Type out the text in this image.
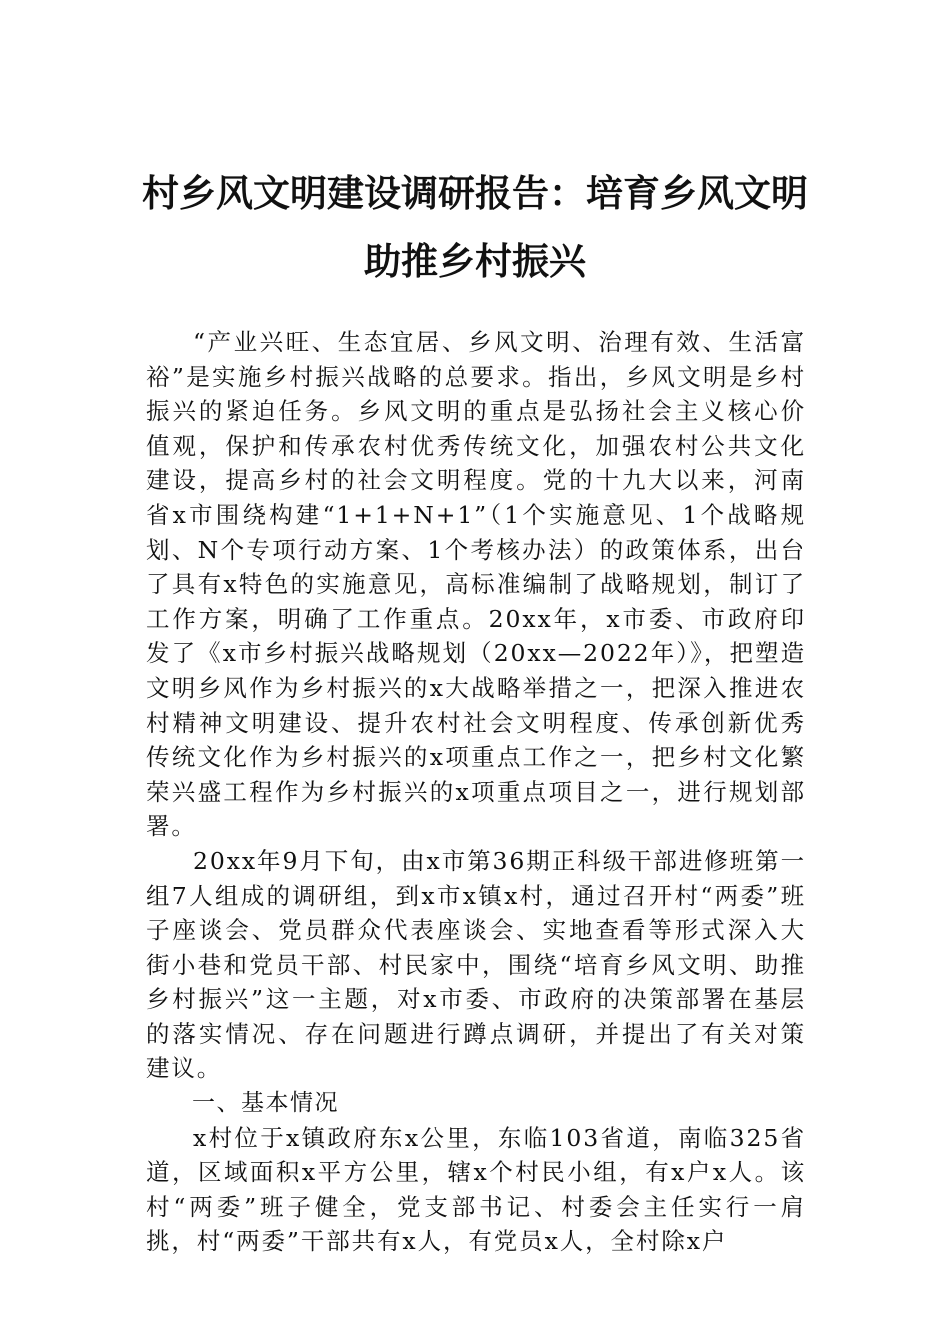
村乡风文明建设调研报告：培育乡风文明
助推乡村振兴

“产业兴旺、生态宜居、乡风文明、治理有效、生活富裕”是实施乡村振兴战略的总要求。指出，乡风文明是乡村振兴的紧迫任务。乡风文明的重点是弘扬社会主义核心价值观，保护和传承农村优秀传统文化，加强农村公共文化建设，提高乡村的社会文明程度。党的十九大以来，河南省x市围绕构建“1+1+N+1”（1个实施意见、1个战略规划、N个专项行动方案、1个考核办法）的政策体系，出台了具有x特色的实施意见，高标准编制了战略规划，制订了工作方案，明确了工作重点。20xx年，x市委、市政府印发了《x市乡村振兴战略规划（20xx—2022年）》，把塑造文明乡风作为乡村振兴的x大战略举措之一，把深入推进农村精神文明建设、提升农村社会文明程度、传承创新优秀传统文化作为乡村振兴的x项重点工作之一，把乡村文化繁荣兴盛工程作为乡村振兴的x项重点项目之一，进行规划部署。

20xx年9月下旬，由x市第36期正科级干部进修班第一组7人组成的调研组，到x市x镇x村，通过召开村“两委”班子座谈会、党员群众代表座谈会、实地查看等形式深入大街小巷和党员干部、村民家中，围绕“培育乡风文明、助推乡村振兴”这一主题，对x市委、市政府的决策部署在基层的落实情况、存在问题进行蹲点调研，并提出了有关对策建议。

一、基本情况

x村位于x镇政府东x公里，东临103省道，南临325省道，区域面积x平方公里，辖x个村民小组，有x户x人。该村“两委”班子健全，党支部书记、村委会主任实行一肩挑，村“两委”干部共有x人，有党员x人，全村除x户
